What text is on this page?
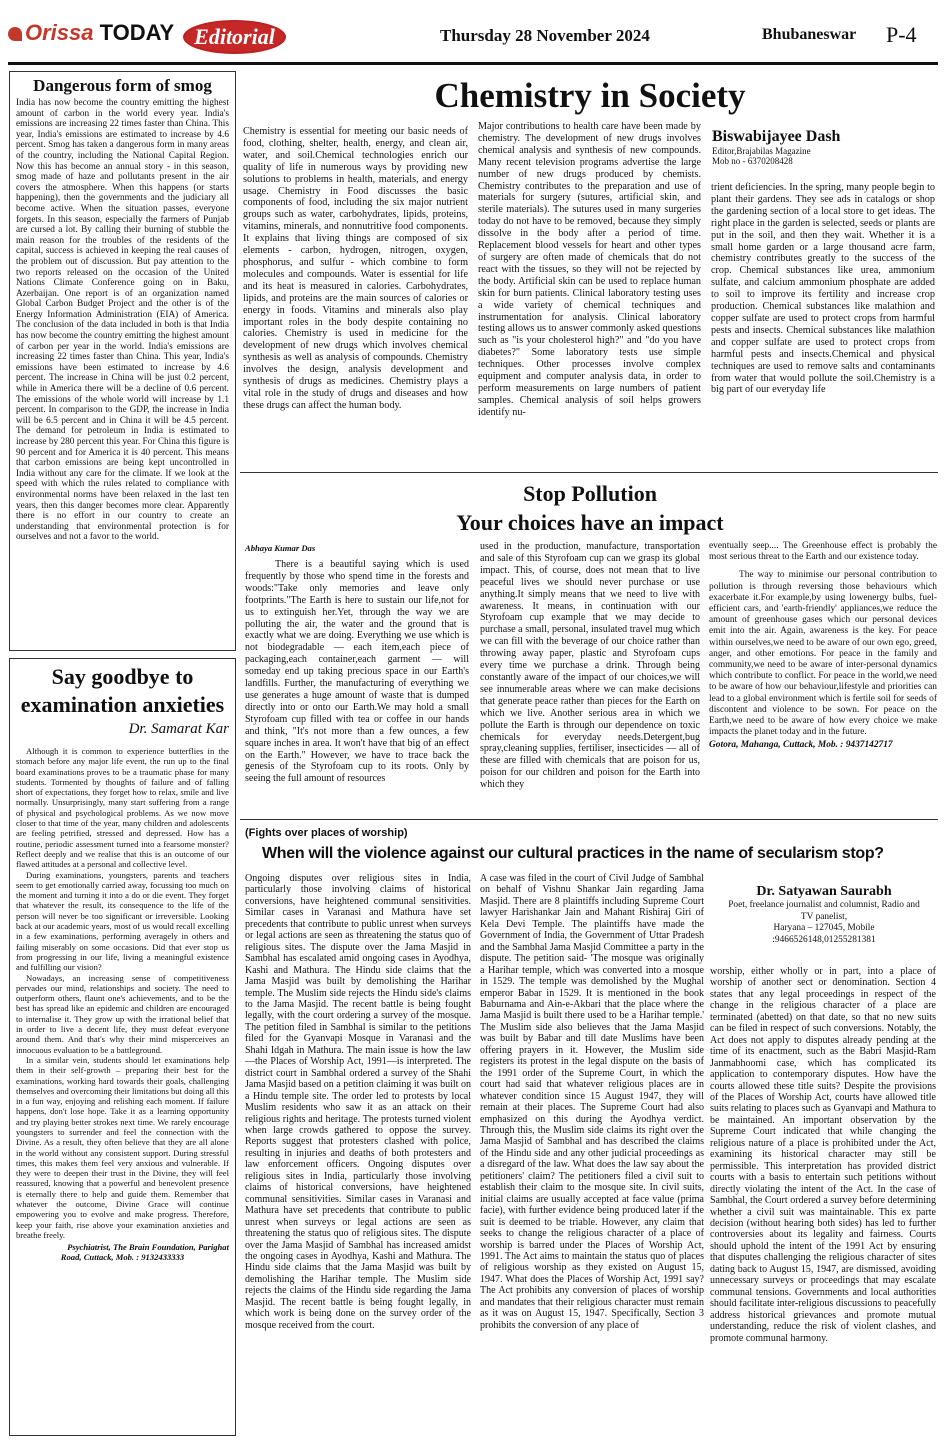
Orissa TODAY Editorial	Thursday 28 November 2024	Bhubaneswar P-4
Dangerous form of smog
India has now become the country emitting the highest amount of carbon in the world every year. India's emissions are increasing 22 times faster than China. This year, India's emissions are estimated to increase by 4.6 percent. Smog has taken a dangerous form in many areas of the country, including the National Capital Region. Now this has become an annual story - in this season, smog made of haze and pollutants present in the air covers the atmosphere. When this happens (or starts happening), then the governments and the judiciary all become active. When the situation passes, everyone forgets. In this season, especially the farmers of Punjab are cursed a lot. By calling their burning of stubble the main reason for the troubles of the residents of the capital, success is achieved in keeping the real causes of the problem out of discussion. But pay attention to the two reports released on the occasion of the United Nations Climate Conference going on in Baku, Azerbaijan. One report is of an organization named Global Carbon Budget Project and the other is of the Energy Information Administration (EIA) of America. The conclusion of the data included in both is that India has now become the country emitting the highest amount of carbon per year in the world. India's emissions are increasing 22 times faster than China. This year, India's emissions have been estimated to increase by 4.6 percent. The increase in China will be just 0.2 percent, while in America there will be a decline of 0.6 percent. The emissions of the whole world will increase by 1.1 percent. In comparison to the GDP, the increase in India will be 6.5 percent and in China it will be 4.5 percent. The demand for petroleum in India is estimated to increase by 280 percent this year. For China this figure is 90 percent and for America it is 40 percent. This means that carbon emissions are being kept uncontrolled in India without any care for the climate. If we look at the speed with which the rules related to compliance with environmental norms have been relaxed in the last ten years, then this danger becomes more clear. Apparently there is no effort in our country to create an understanding that environmental protection is for ourselves and not a favor to the world.
Say goodbye to
examination anxieties
Dr. Samarat Kar

Although it is common to experience butterflies in the stomach before any major life event, the run up to the final board examinations proves to be a traumatic phase for many students. Tormented by thoughts of failure and of falling short of expectations, they forget how to relax, smile and live normally. Unsurprisingly, many start suffering from a range of physical and psychological problems. As we now move closer to that time of the year, many children and adolescents are feeling petrified, stressed and depressed. How has a routine, periodic assessment turned into a fearsome monster? Reflect deeply and we realise that this is an outcome of our flawed attitudes at a personal and collective level.

During examinations, youngsters, parents and teachers seem to get emotionally carried away, focussing too much on the moment and turning it into a do or die event. They forget that whatever the result, its consequence to the life of the person will never be too significant or irreversible. Looking back at our academic years, most of us would recall excelling in a few examinations, performing averagely in others and failing miserably on some occasions. Did that ever stop us from progressing in our life, living a meaningful existence and fulfilling our vision?

Nowadays, an increasing sense of competitiveness pervades our mind, relationships and society. The need to outperform others, flaunt one's achievements, and to be the best has spread like an epidemic and children are encouraged to internalise it. They grow up with the irrational belief that in order to live a decent life, they must defeat everyone around them. And that's why their mind misperceives an innocuous evaluation to be a battleground.

In a similar vein, students should let examinations help them in their self-growth – preparing their best for the examinations, working hard towards their goals, challenging themselves and overcoming their limitations but doing all this in a fun way, enjoying and relishing each moment. If failure happens, don't lose hope. Take it as a learning opportunity and try playing better strokes next time. We rarely encourage youngsters to surrender and feel the connection with the Divine. As a result, they often believe that they are all alone in the world without any consistent support. During stressful times, this makes them feel very anxious and vulnerable. If they were to deepen their trust in the Divine, they will feel reassured, knowing that a powerful and benevolent presence is eternally there to help and guide them. Remember that whatever the outcome, Divine Grace will continue empowering you to evolve and make progress. Therefore, keep your faith, rise above your examination anxieties and breathe freely.

Psychiatrist, The Brain Foundation, Parighat
Road, Cuttack, Mob. : 9132433333
Chemistry in Society
Chemistry is essential for meeting our basic needs of food, clothing, shelter, health, energy, and clean air, water, and soil.Chemical technologies enrich our quality of life in numerous ways by providing new solutions to problems in health, materials, and energy usage. Chemistry in Food discusses the basic components of food, including the six major nutrient groups such as water, carbohydrates, lipids, proteins, vitamins, minerals, and nonnutritive food components. It explains that living things are composed of six elements - carbon, hydrogen, nitrogen, oxygen, phosphorus, and sulfur - which combine to form molecules and compounds. Water is essential for life and its heat is measured in calories. Carbohydrates, lipids, and proteins are the main sources of calories or energy in foods. Vitamins and minerals also play important roles in the body despite containing no calories. Chemistry is used in medicine for the development of new drugs which involves chemical synthesis as well as analysis of compounds. Chemistry involves the design, analysis development and synthesis of drugs as medicines. Chemistry plays a vital role in the study of drugs and diseases and how these drugs can affect the human body.
Major contributions to health care have been made by chemistry. The development of new drugs involves chemical analysis and synthesis of new compounds. Many recent television programs advertise the large number of new drugs produced by chemists. Chemistry contributes to the preparation and use of materials for surgery (sutures, artificial skin, and sterile materials). The sutures used in many surgeries today do not have to be removed, because they simply dissolve in the body after a period of time. Replacement blood vessels for heart and other types of surgery are often made of chemicals that do not react with the tissues, so they will not be rejected by the body. Artificial skin can be used to replace human skin for burn patients. Clinical laboratory testing uses a wide variety of chemical techniques and instrumentation for analysis. Clinical laboratory testing allows us to answer commonly asked questions such as "is your cholesterol high?" and "do you have diabetes?" Some laboratory tests use simple techniques. Other processes involve complex equipment and computer analysis data, in order to perform measurements on large numbers of patient samples. Chemical analysis of soil helps growers identify nu-
Biswabijayee Dash
Editor,Brajabilas Magazine
Mob no - 6370208428
trient deficiencies. In the spring, many people begin to plant their gardens. They see ads in catalogs or shop the gardening section of a local store to get ideas. The right place in the garden is selected, seeds or plants are put in the soil, and then they wait. Whether it is a small home garden or a large thousand acre farm, chemistry contributes greatly to the success of the crop. Chemical substances like urea, ammonium sulfate, and calcium ammonium phosphate are added to soil to improve its fertility and increase crop production. Chemical substances like malathion and copper sulfate are used to protect crops from harmful pests and insects. Chemical substances like malathion and copper sulfate are used to protect crops from harmful pests and insects.Chemical and physical techniques are used to remove salts and contaminants from water that would pollute the soil.Chemistry is a big part of our everyday life
Stop Pollution
Your choices have an impact
Abhaya Kumar Das
There is a beautiful saying which is used frequently by those who spend time in the forests and woods:"Take only memories and leave only footprints."The Earth is here to sustain our life,not for us to extinguish her.Yet, through the way we are polluting the air, the water and the ground that is exactly what we are doing. Everything we use which is not biodegradable — each item,each piece of packaging,each container,each garment — will someday end up taking precious space in our Earth's landfills. Further, the manufacturing of everything we use generates a huge amount of waste that is dumped directly into or onto our Earth.We may hold a small Styrofoam cup filled with tea or coffee in our hands and think, "It's not more than a few ounces, a few square inches in area. It won't have that big of an effect on the Earth." However, we have to trace back the genesis of the Styrofoam cup to its roots. Only by seeing the full amount of resources
used in the production, manufacture, transportation and sale of this Styrofoam cup can we grasp its global impact. This, of course, does not mean that to live peaceful lives we should never purchase or use anything.It simply means that we need to live with awareness. It means, in continuation with our Styrofoam cup example that we may decide to purchase a small, personal, insulated travel mug which we can fill with the beverage of our choice rather than throwing away paper, plastic and Styrofoam cups every time we purchase a drink. Through being constantly aware of the impact of our choices,we will see innumerable areas where we can make decisions that generate peace rather than pieces for the Earth on which we live. Another serious area in which we pollute the Earth is through our dependence on toxic chemicals for everyday needs.Detergent,bug spray,cleaning supplies, fertiliser, insecticides — all of these are filled with chemicals that are poison for us, poison for our children and poison for the Earth into which they
eventually seep.... The Greenhouse effect is probably the most serious threat to the Earth and our existence today.
The way to minimise our personal contribution to pollution is through reversing those behaviours which exacerbate it.For example,by using lowenergy bulbs, fuel-efficient cars, and 'earth-friendly' appliances,we reduce the amount of greenhouse gases which our personal devices emit into the air. Again, awareness is the key. For peace within ourselves,we need to be aware of our own ego, greed, anger, and other emotions. For peace in the family and community,we need to be aware of inter-personal dynamics which contribute to conflict. For peace in the world,we need to be aware of how our behaviour,lifestyle and priorities can lead to a global environment which is fertile soil for seeds of discontent and violence to be sown. For peace on the Earth,we need to be aware of how every choice we make impacts the planet today and in the future.
Gotora, Mahanga, Cuttack, Mob. : 9437142717
(Fights over places of worship)
When will the violence against our cultural practices in the name of secularism stop?
Ongoing disputes over religious sites in India, particularly those involving claims of historical conversions, have heightened communal sensitivities. Similar cases in Varanasi and Mathura have set precedents that contribute to public unrest when surveys or legal actions are seen as threatening the status quo of religious sites. The dispute over the Jama Masjid in Sambhal has escalated amid ongoing cases in Ayodhya, Kashi and Mathura. The Hindu side claims that the Jama Masjid was built by demolishing the Harihar temple. The Muslim side rejects the Hindu side's claims to the Jama Masjid. The recent battle is being fought legally, with the court ordering a survey of the mosque. The petition filed in Sambhal is similar to the petitions filed for the Gyanvapi Mosque in Varanasi and the Shahi Idgah in Mathura. The main issue is how the law—the Places of Worship Act, 1991—is interpreted. The district court in Sambhal ordered a survey of the Shahi Jama Masjid based on a petition claiming it was built on a Hindu temple site. The order led to protests by local Muslim residents who saw it as an attack on their religious rights and heritage. The protests turned violent when large crowds gathered to oppose the survey. Reports suggest that protesters clashed with police, resulting in injuries and deaths of both protesters and law enforcement officers. Ongoing disputes over religious sites in India, particularly those involving claims of historical conversions, have heightened communal sensitivities. Similar cases in Varanasi and Mathura have set precedents that contribute to public unrest when surveys or legal actions are seen as threatening the status quo of religious sites. The dispute over the Jama Masjid of Sambhal has increased amidst the ongoing cases in Ayodhya, Kashi and Mathura. The Hindu side claims that the Jama Masjid was built by demolishing the Harihar temple. The Muslim side rejects the claims of the Hindu side regarding the Jama Masjid. The recent battle is being fought legally, in which work is being done on the survey order of the mosque received from the court.
A case was filed in the court of Civil Judge of Sambhal on behalf of Vishnu Shankar Jain regarding Jama Masjid. There are 8 plaintiffs including Supreme Court lawyer Harishankar Jain and Mahant Rishiraj Giri of Kela Devi Temple. The plaintiffs have made the Government of India, the Government of Uttar Pradesh and the Sambhal Jama Masjid Committee a party in the dispute. The petition said- 'The mosque was originally a Harihar temple, which was converted into a mosque in 1529. The temple was demolished by the Mughal emperor Babar in 1529. It is mentioned in the book Baburnama and Ain-e-Akbari that the place where the Jama Masjid is built there used to be a Harihar temple.' The Muslim side also believes that the Jama Masjid was built by Babar and till date Muslims have been offering prayers in it. However, the Muslim side registers its protest in the legal dispute on the basis of the 1991 order of the Supreme Court, in which the court had said that whatever religious places are in whatever condition since 15 August 1947, they will remain at their places. The Supreme Court had also emphasized on this during the Ayodhya verdict. Through this, the Muslim side claims its right over the Jama Masjid of Sambhal and has described the claims of the Hindu side and any other judicial proceedings as a disregard of the law. What does the law say about the petitioners' claim? The petitioners filed a civil suit to establish their claim to the mosque site. In civil suits, initial claims are usually accepted at face value (prima facie), with further evidence being produced later if the suit is deemed to be triable. However, any claim that seeks to change the religious character of a place of worship is barred under the Places of Worship Act, 1991. The Act aims to maintain the status quo of places of religious worship as they existed on August 15, 1947. What does the Places of Worship Act, 1991 say? The Act prohibits any conversion of places of worship and mandates that their religious character must remain as it was on August 15, 1947. Specifically, Section 3 prohibits the conversion of any place of
Dr. Satyawan Saurabh
Poet, freelance journalist and columnist, Radio and
TV panelist,
Haryana – 127045, Mobile
:9466526148,01255281381
worship, either wholly or in part, into a place of worship of another sect or denomination. Section 4 states that any legal proceedings in respect of the change in the religious character of a place are terminated (abetted) on that date, so that no new suits can be filed in respect of such conversions. Notably, the Act does not apply to disputes already pending at the time of its enactment, such as the Babri Masjid-Ram Janmabhoomi case, which has complicated its application to contemporary disputes. How have the courts allowed these title suits? Despite the provisions of the Places of Worship Act, courts have allowed title suits relating to places such as Gyanvapi and Mathura to be maintained. An important observation by the Supreme Court indicated that while changing the religious nature of a place is prohibited under the Act, examining its historical character may still be permissible. This interpretation has provided district courts with a basis to entertain such petitions without directly violating the intent of the Act. In the case of Sambhal, the Court ordered a survey before determining whether a civil suit was maintainable. This ex parte decision (without hearing both sides) has led to further controversies about its legality and fairness. Courts should uphold the intent of the 1991 Act by ensuring that disputes challenging the religious character of sites dating back to August 15, 1947, are dismissed, avoiding unnecessary surveys or proceedings that may escalate communal tensions. Governments and local authorities should facilitate inter-religious discussions to peacefully address historical grievances and promote mutual understanding, reduce the risk of violent clashes, and promote communal harmony.
